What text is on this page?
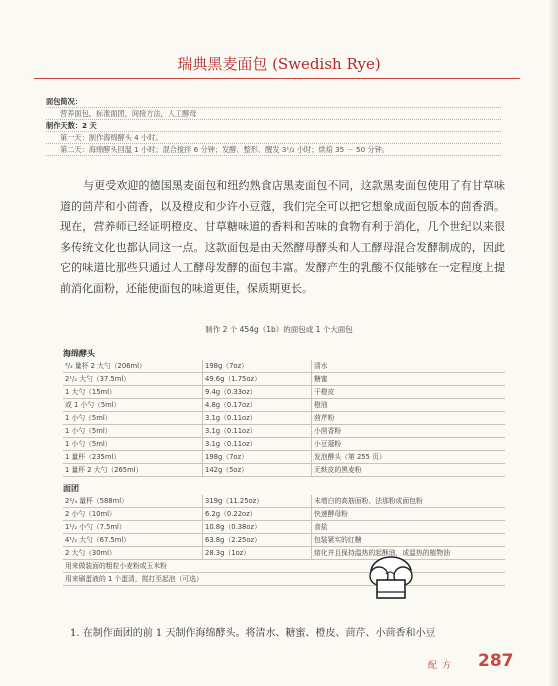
瑞典黑麦面包 (Swedish Rye)
面包简况：
营养面包，标准面团，间接方法，人工酵母
制作天数：2 天
第一天：制作海绵酵头 4 小时。
第二天：海绵酵头回温 1 小时；混合搅拌 6 分钟；发酵、整形、醒发 3¹/₂ 小时；烘焙 35 － 50 分钟。
与更受欢迎的德国黑麦面包和纽约熟食店黑麦面包不同，这款黑麦面包使用了有甘草味道的茴芹和小茴香，以及橙皮和少许小豆蔻，我们完全可以把它想象成面包版本的茴香酒。现在，营养师已经证明橙皮、甘草糖味道的香料和苦味的食物有利于消化，几个世纪以来很多传统文化也都认同这一点。这款面包是由天然酵母酵头和人工酵母混合发酵制成的，因此它的味道比那些只通过人工酵母发酵的面包丰富。发酵产生的乳酸不仅能够在一定程度上提前消化面粉，还能使面包的味道更佳，保质期更长。
制作 2 个 454g（1b）的面包或 1 个大面包
海绵酵头
³/₄ 量杯 2 大勺（206ml）	198g（7oz）	清水
2¹/₂ 大勺（37.5ml）	49.6g（1.75oz）	糖蜜
1 大勺（15ml）	9.4g（0.33oz）	干橙皮
或 1 小勺（5ml）	4.8g（0.17oz）	橙油
1 小勺（5ml）	3.1g（0.11oz）	茴芹粉
1 小勺（5ml）	3.1g（0.11oz）	小茴香粉
1 小勺（5ml）	3.1g（0.11oz）	小豆蔻粉
1 量杯（235ml）	198g（7oz）	发泡酵头（第 255 页）
1 量杯 2 大勺（265ml）	142g（5oz）	无麸皮的黑麦粉
面团
2²/₃ 量杯（588ml）	319g（11.25oz）	未增白的高筋面粉、法那粉或面包粉
2 小勺（10ml）	6.2g（0.22oz）	快速酵母粉
1¹/₂ 小勺（7.5ml）	10.8g（0.38oz）	食盐
4¹/₂ 大勺（67.5ml）	63.8g（2.25oz）	包装紧实的红糖
2 大勺（30ml）	28.3g（1oz）	熔化并且保持温热的起酥油，或温热的植物油
用来做装面的粗粒小麦粉或玉米粉
用来刷蛋液的 1 个蛋清，搅打至起泡（可选）
1. 在制作面团的前 1 天制作海绵酵头。将清水、糖蜜、橙皮、茴芹、小茴香和小豆
配方 287
